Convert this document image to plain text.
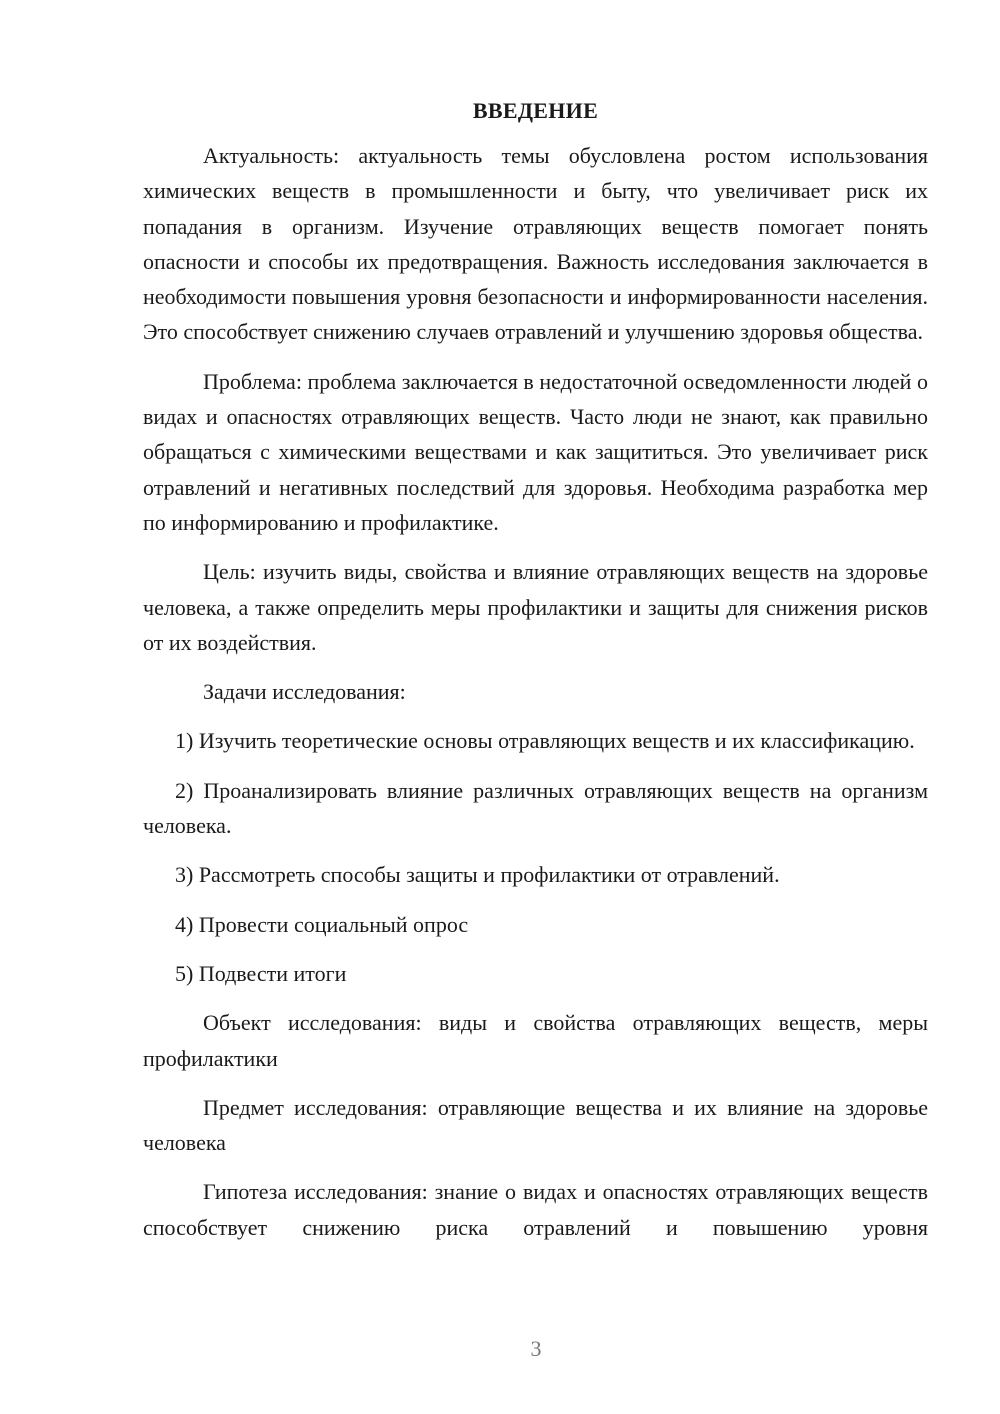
ВВЕДЕНИЕ

Актуальность: актуальность темы обусловлена ростом использования химических веществ в промышленности и быту, что увеличивает риск их попадания в организм. Изучение отравляющих веществ помогает понять опасности и способы их предотвращения. Важность исследования заключается в необходимости повышения уровня безопасности и информированности населения. Это способствует снижению случаев отравлений и улучшению здоровья общества.

Проблема: проблема заключается в недостаточной осведомленности людей о видах и опасностях отравляющих веществ. Часто люди не знают, как правильно обращаться с химическими веществами и как защититься. Это увеличивает риск отравлений и негативных последствий для здоровья. Необходима разработка мер по информированию и профилактике.

Цель: изучить виды, свойства и влияние отравляющих веществ на здоровье человека, а также определить меры профилактики и защиты для снижения рисков от их воздействия.

Задачи исследования:

1) Изучить теоретические основы отравляющих веществ и их классификацию.

2) Проанализировать влияние различных отравляющих веществ на организм человека.

3) Рассмотреть способы защиты и профилактики от отравлений.

4) Провести социальный опрос

5) Подвести итоги

Объект исследования: виды и свойства отравляющих веществ, меры профилактики

Предмет исследования: отравляющие вещества и их влияние на здоровье человека

Гипотеза исследования: знание о видах и опасностях отравляющих веществ способствует снижению риска отравлений и повышению уровня

3
